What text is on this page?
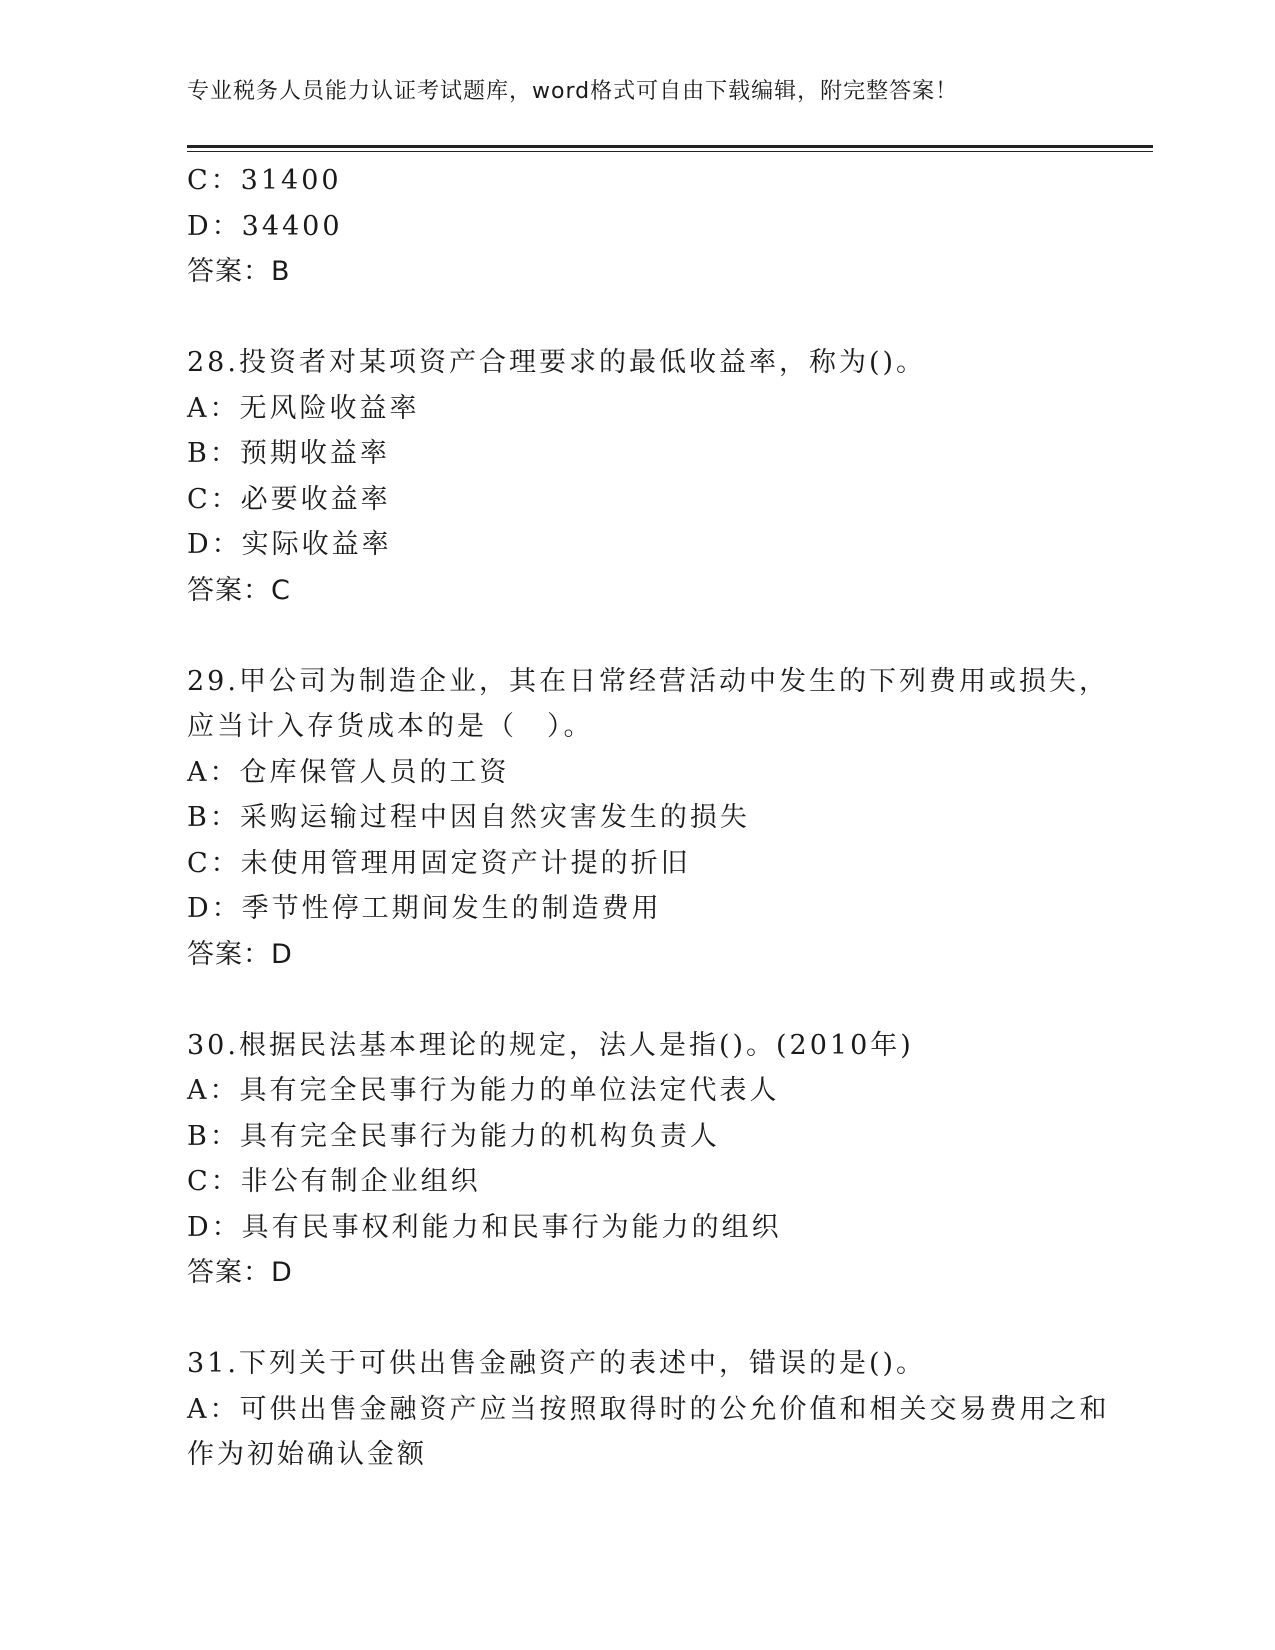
专业税务人员能力认证考试题库，word格式可自由下载编辑，附完整答案！
C：31400
D：34400
答案：B
28.投资者对某项资产合理要求的最低收益率，称为()。
A：无风险收益率
B：预期收益率
C：必要收益率
D：实际收益率
答案：C
29.甲公司为制造企业，其在日常经营活动中发生的下列费用或损失，
应当计入存货成本的是（　）。
A：仓库保管人员的工资
B：采购运输过程中因自然灾害发生的损失
C：未使用管理用固定资产计提的折旧
D：季节性停工期间发生的制造费用
答案：D
30.根据民法基本理论的规定，法人是指()。(2010年)
A：具有完全民事行为能力的单位法定代表人
B：具有完全民事行为能力的机构负责人
C：非公有制企业组织
D：具有民事权利能力和民事行为能力的组织
答案：D
31.下列关于可供出售金融资产的表述中，错误的是()。
A：可供出售金融资产应当按照取得时的公允价值和相关交易费用之和
作为初始确认金额
